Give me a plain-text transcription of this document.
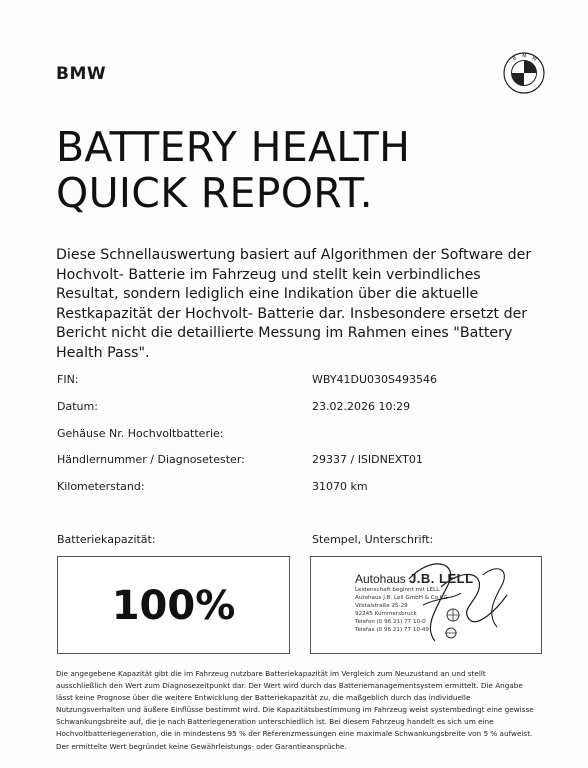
BMW
B M W
BATTERY HEALTH
QUICK REPORT.
Diese Schnellauswertung basiert auf Algorithmen der Software der Hochvolt- Batterie im Fahrzeug und stellt kein verbindliches Resultat, sondern lediglich eine Indikation über die aktuelle Restkapazität der Hochvolt- Batterie dar. Insbesondere ersetzt der Bericht nicht die detaillierte Messung im Rahmen eines "Battery Health Pass".
FIN:	WBY41DU030S493546
Datum:	23.02.2026 10:29
Gehäuse Nr. Hochvoltbatterie:
Händlernummer / Diagnosetester:	29337 / ISIDNEXT01
Kilometerstand:	31070 km
Batteriekapazität:	Stempel, Unterschrift:
100%
Autohaus J.B. LELL
Leidenschaft beginnt mit LELL
Autohaus J.B. Lell GmbH & Co.KG
Vilstalstraße 25-29
92245 Kümmersbruck
Telefon (0 96 21) 77 10-0
Telefax (0 96 21) 77 10-49
Die angegebene Kapazität gibt die im Fahrzeug nutzbare Batteriekapazität im Vergleich zum Neuzustand an und stellt ausschließlich den Wert zum Diagnosezeitpunkt dar. Der Wert wird durch das Batteriemanagementsystem ermittelt. Die Angabe lässt keine Prognose über die weitere Entwicklung der Batteriekapazität zu, die maßgeblich durch das individuelle Nutzungsverhalten und äußere Einflüsse bestimmt wird. Die Kapazitätsbestimmung im Fahrzeug weist systembedingt eine gewisse Schwankungsbreite auf, die je nach Batteriegeneration unterschiedlich ist. Bei diesem Fahrzeug handelt es sich um eine Hochvoltbatteriegeneration, die in mindestens 95 % der Referenzmessungen eine maximale Schwankungsbreite von 5 % aufweist. Der ermittelte Wert begründet keine Gewährleistungs- oder Garantieansprüche.
